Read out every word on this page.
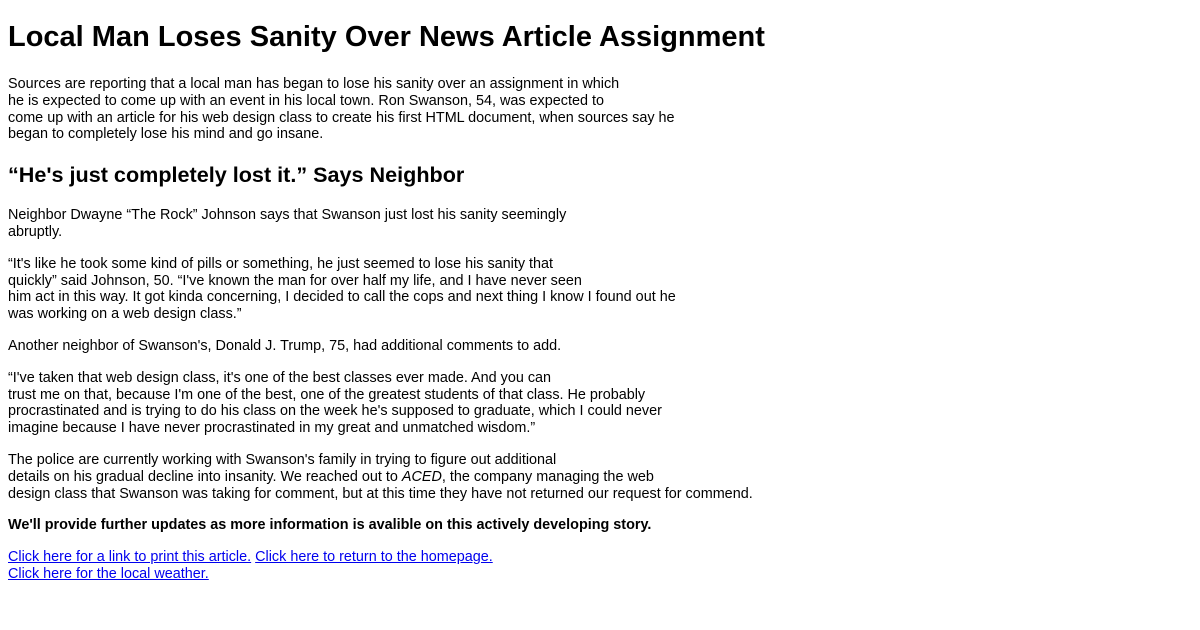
Local Man Loses Sanity Over News Article Assignment

Sources are reporting that a local man has began to lose his sanity over an assignment in which
he is expected to come up with an event in his local town. Ron Swanson, 54, was expected to
come up with an article for his web design class to create his first HTML document, when sources say he
began to completely lose his mind and go insane.

“He's just completely lost it.” Says Neighbor

Neighbor Dwayne “The Rock” Johnson says that Swanson just lost his sanity seemingly
abruptly.

“It's like he took some kind of pills or something, he just seemed to lose his sanity that
quickly” said Johnson, 50. “I've known the man for over half my life, and I have never seen
him act in this way. It got kinda concerning, I decided to call the cops and next thing I know I found out he
was working on a web design class.”

Another neighbor of Swanson's, Donald J. Trump, 75, had additional comments to add.

“I've taken that web design class, it's one of the best classes ever made. And you can
trust me on that, because I'm one of the best, one of the greatest students of that class. He probably
procrastinated and is trying to do his class on the week he's supposed to graduate, which I could never
imagine because I have never procrastinated in my great and unmatched wisdom.”

The police are currently working with Swanson's family in trying to figure out additional
details on his gradual decline into insanity. We reached out to ACED, the company managing the web
design class that Swanson was taking for comment, but at this time they have not returned our request for commend.

We'll provide further updates as more information is avalible on this actively developing story.

Click here for a link to print this article. Click here to return to the homepage.
Click here for the local weather.
